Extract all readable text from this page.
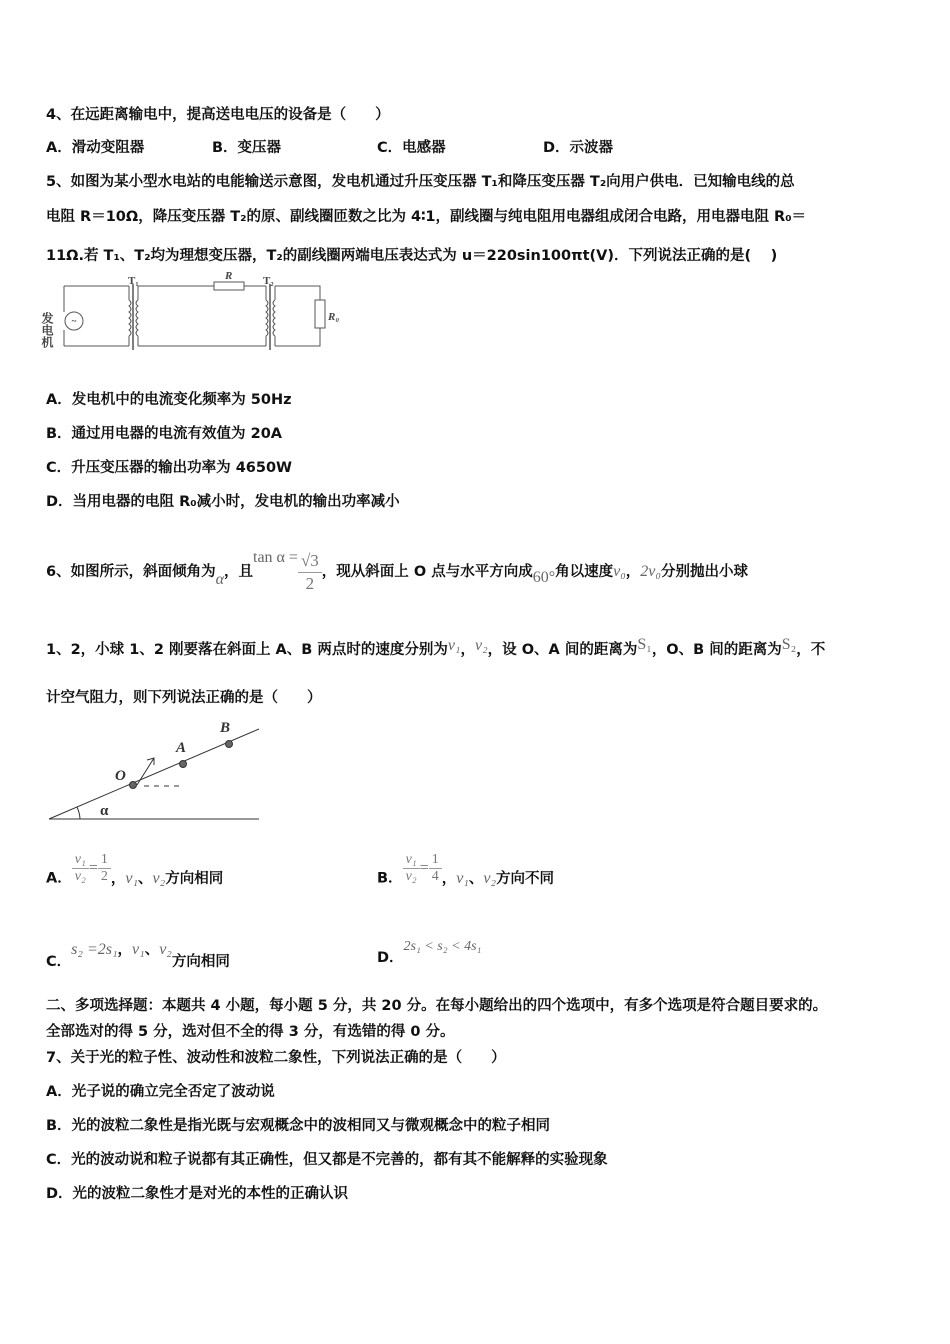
4、在远距离输电中，提高送电电压的设备是（　　）
A．滑动变阻器	B．变压器	C．电感器	D．示波器
5、如图为某小型水电站的电能输送示意图，发电机通过升压变压器 T₁和降压变压器 T₂向用户供电．已知输电线的总
电阻 R＝10Ω，降压变压器 T₂的原、副线圈匝数之比为 4∶1，副线圈与纯电阻用电器组成闭合电路，用电器电阻 R₀＝
11Ω.若 T₁、T₂均为理想变压器，T₂的副线圈两端电压表达式为 u＝220sin100πt(V)．下列说法正确的是(　 )
~
发电机
T₁	R	T₂
R₀
A．发电机中的电流变化频率为 50Hz
B．通过用电器的电流有效值为 20A
C．升压变压器的输出功率为 4650W
D．当用电器的电阻 R₀减小时，发电机的输出功率减小
6、如图所示，斜面倾角为α，且$\tan \alpha = \frac{√3}{2}$ ，现从斜面上 O 点与水平方向成60°角以速度v₀，2v₀分别抛出小球
1、2，小球 1、2 刚要落在斜面上 A、B 两点时的速度分别为v₁，v₂，设 O、A 间的距离为S₁，O、B 间的距离为S₂，不
计空气阻力，则下列说法正确的是（　　）
O
A
B
α
A． $\frac{\text{v₁}}{\text{v₂}} = \frac{1}{2}$ ，v₁、v₂方向相同	B． $\frac{\text{v₁}}{\text{v₂}} = \frac{1}{4}$ ，v₁、v₂方向不同
C．s₂ =2s₁，v₁、v₂方向相同	D．2s₁ < s₂ < 4s₁
二、多项选择题：本题共 4 小题，每小题 5 分，共 20 分。在每小题给出的四个选项中，有多个选项是符合题目要求的。
全部选对的得 5 分，选对但不全的得 3 分，有选错的得 0 分。
7、关于光的粒子性、波动性和波粒二象性，下列说法正确的是（　　）
A．光子说的确立完全否定了波动说
B．光的波粒二象性是指光既与宏观概念中的波相同又与微观概念中的粒子相同
C．光的波动说和粒子说都有其正确性，但又都是不完善的，都有其不能解释的实验现象
D．光的波粒二象性才是对光的本性的正确认识
